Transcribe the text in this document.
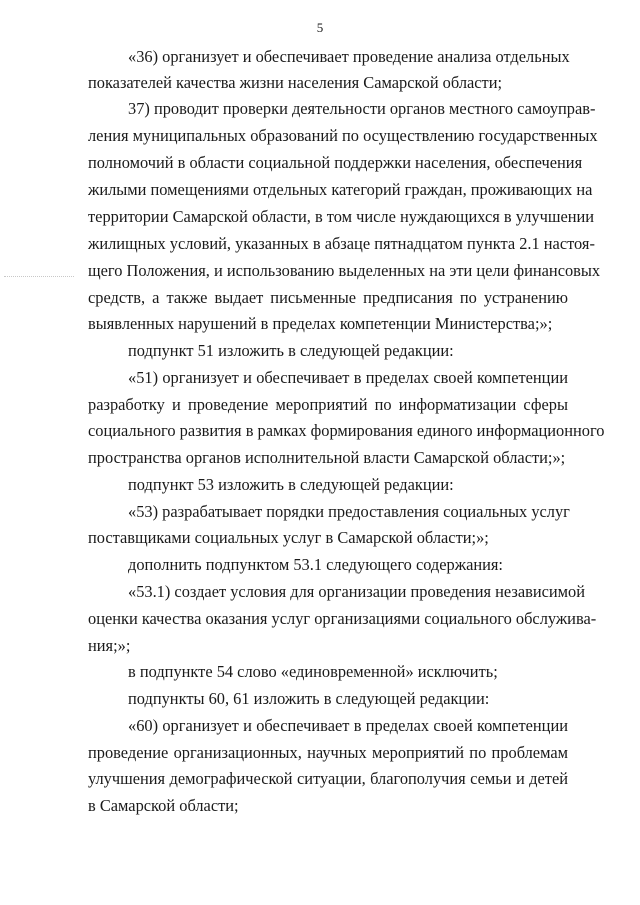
5
«36) организует и обеспечивает проведение анализа отдельных
показателей качества жизни населения Самарской области;
37) проводит проверки деятельности органов местного самоуправ-
ления муниципальных образований по осуществлению государственных
полномочий в области социальной поддержки населения, обеспечения
жилыми помещениями отдельных категорий граждан, проживающих на
территории Самарской области, в том числе нуждающихся в улучшении
жилищных условий, указанных в абзаце пятнадцатом пункта 2.1 настоя-
щего Положения, и использованию выделенных на эти цели финансовых
средств, а также выдает письменные предписания по устранению
выявленных нарушений в пределах компетенции Министерства;»;
подпункт 51 изложить в следующей редакции:
«51) организует и обеспечивает в пределах своей компетенции
разработку и проведение мероприятий по информатизации сферы
социального развития в рамках формирования единого информационного
пространства органов исполнительной власти Самарской области;»;
подпункт 53 изложить в следующей редакции:
«53) разрабатывает порядки предоставления социальных услуг
поставщиками социальных услуг в Самарской области;»;
дополнить подпунктом 53.1 следующего содержания:
«53.1) создает условия для организации проведения независимой
оценки качества оказания услуг организациями социального обслужива-
ния;»;
в подпункте 54 слово «единовременной» исключить;
подпункты 60, 61 изложить в следующей редакции:
«60) организует и обеспечивает в пределах своей компетенции
проведение организационных, научных мероприятий по проблемам
улучшения демографической ситуации, благополучия семьи и детей
в Самарской области;
